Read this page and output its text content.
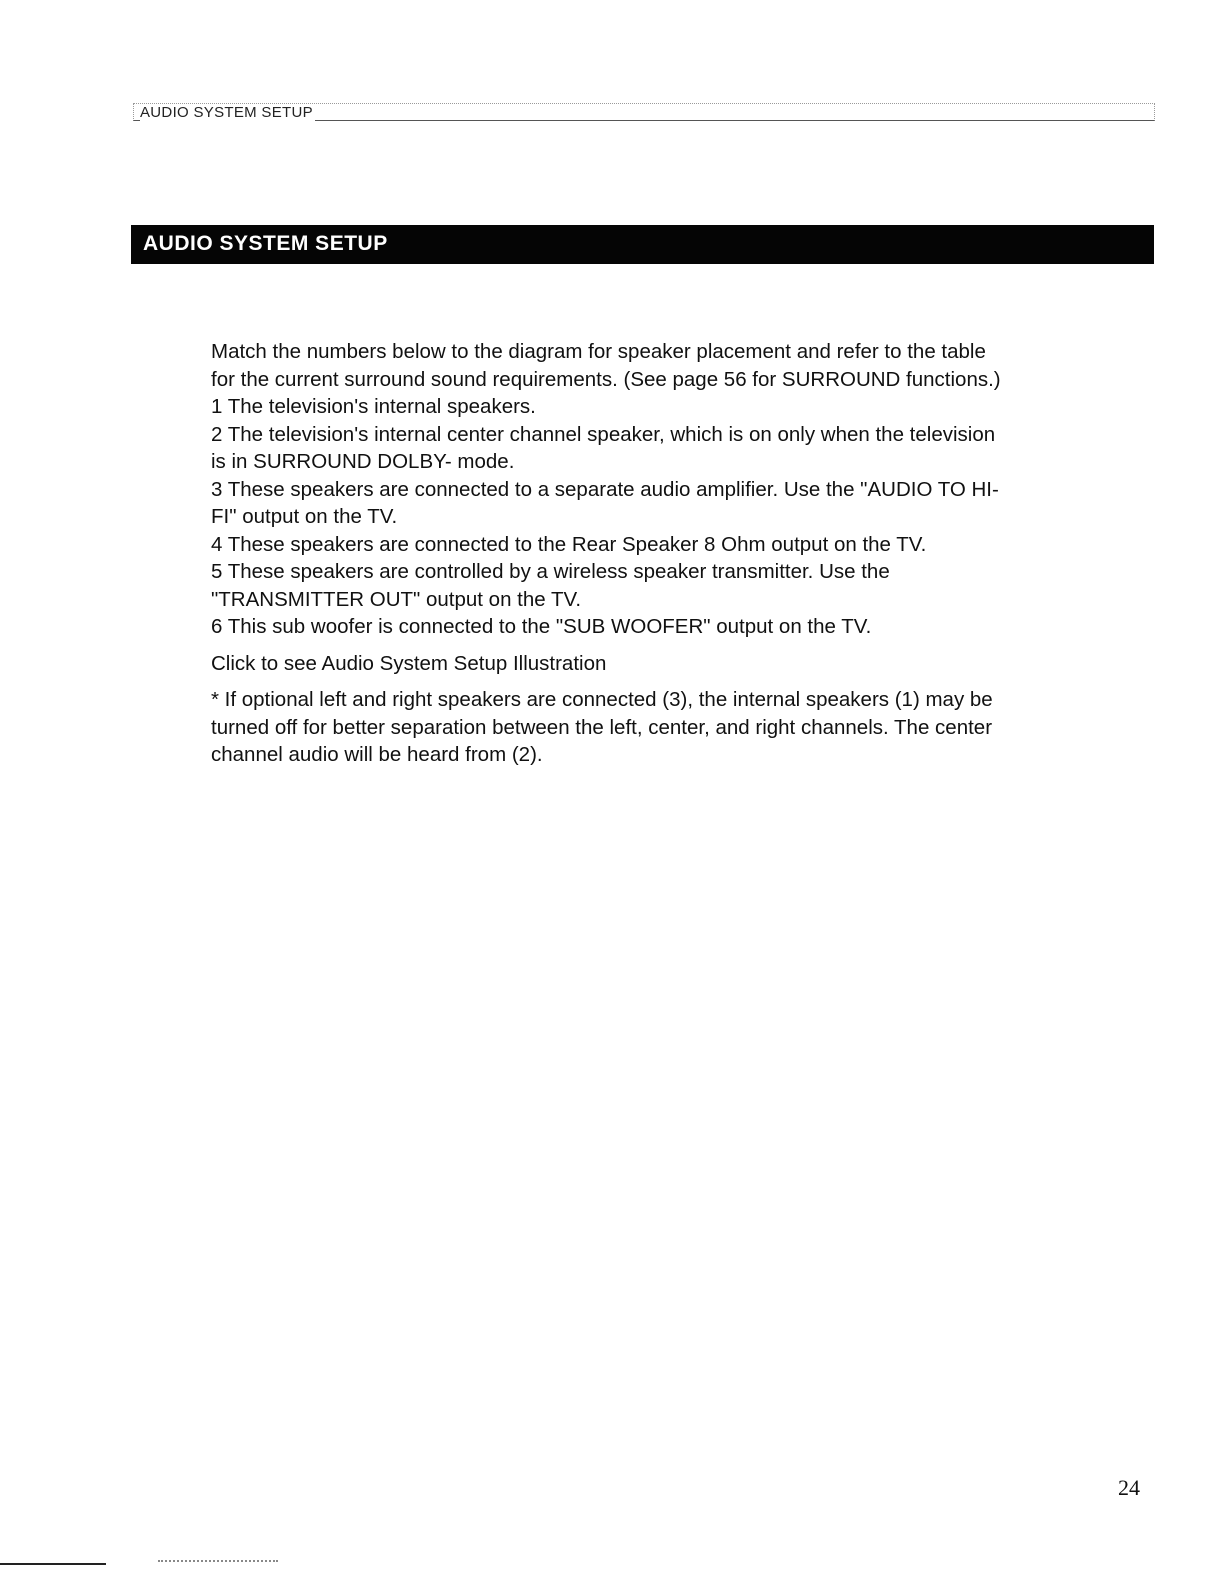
AUDIO SYSTEM SETUP
AUDIO SYSTEM SETUP

Match the numbers below to the diagram for speaker placement and refer to the table

for the current surround sound requirements. (See page 56 for SURROUND functions.)

1 The television's internal speakers.

2 The television's internal center channel speaker, which is on only when the television

is in SURROUND DOLBY- mode.

3 These speakers are connected to a separate audio amplifier. Use the "AUDIO TO HI-

FI" output on the TV.

4 These speakers are connected to the Rear Speaker 8 Ohm output on the TV.

5 These speakers are controlled by a wireless speaker transmitter. Use the

"TRANSMITTER OUT" output on the TV.

6 This sub woofer is connected to the "SUB WOOFER" output on the TV.

Click to see Audio System Setup Illustration

* If optional left and right speakers are connected (3), the internal speakers (1) may be

turned off for better separation between the left, center, and right channels. The center

channel audio will be heard from (2).

24
